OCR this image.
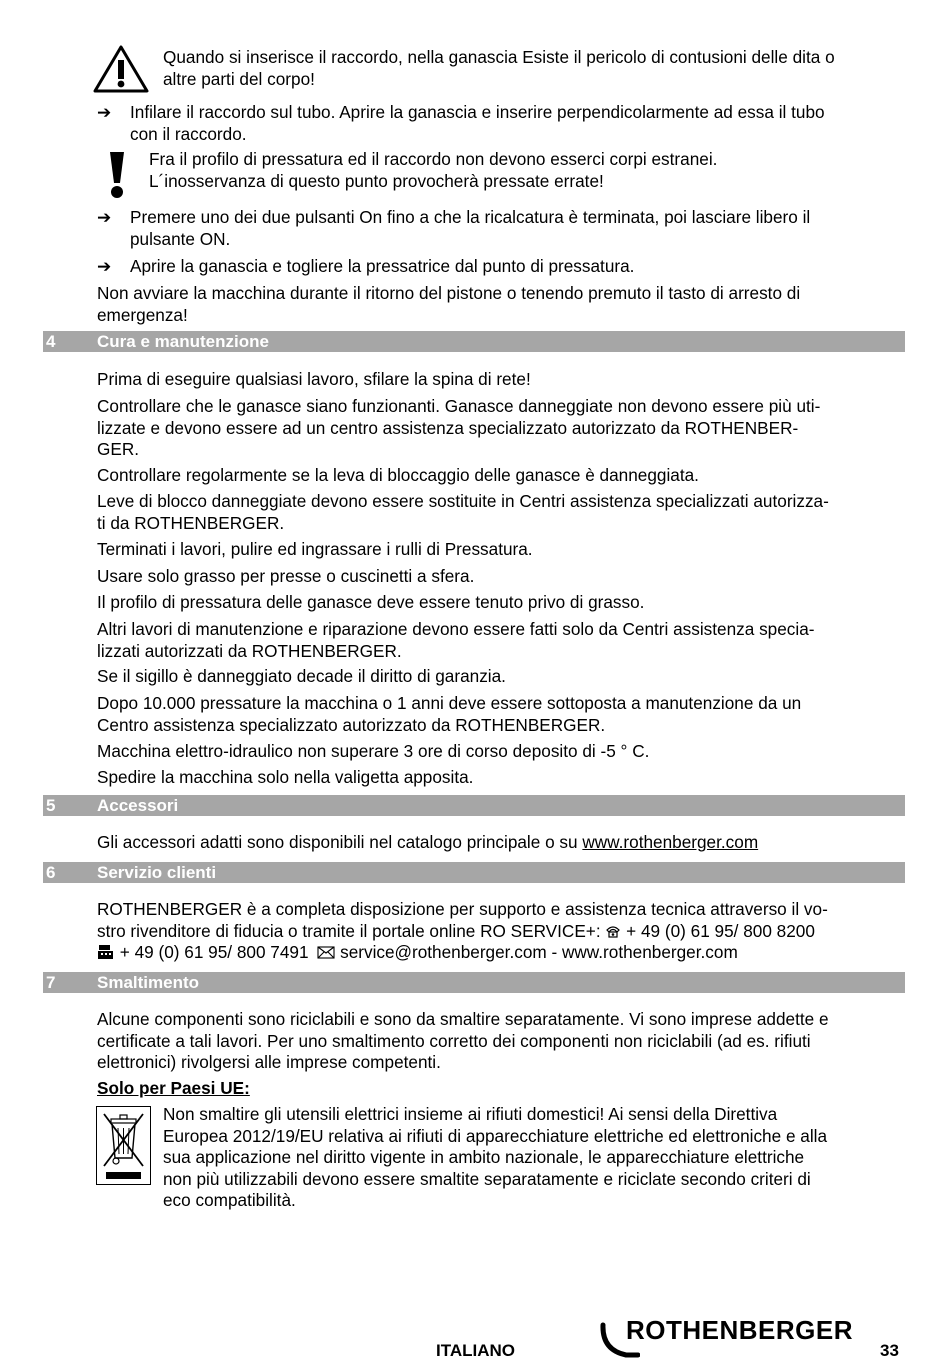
Quando si inserisce il raccordo, nella ganascia Esiste il pericolo di contusioni delle dita o
altre parti del corpo!
➔ Infilare il raccordo sul tubo. Aprire la ganascia e inserire perpendicolarmente ad essa il tubo
con il raccordo.
Fra il profilo di pressatura ed il raccordo non devono esserci corpi estranei.
L´inosservanza di questo punto provocherà pressate errate!
➔ Premere uno dei due pulsanti On fino a che la ricalcatura è terminata, poi lasciare libero il
pulsante ON.
➔ Aprire la ganascia e togliere la pressatrice dal punto di pressatura.
Non avviare la macchina durante il ritorno del pistone o tenendo premuto il tasto di arresto di
emergenza!
4 Cura e manutenzione
Prima di eseguire qualsiasi lavoro, sfilare la spina di rete!
Controllare che le ganasce siano funzionanti. Ganasce danneggiate non devono essere più uti-
lizzate e devono essere ad un centro assistenza specializzato autorizzato da ROTHENBER-
GER.
Controllare regolarmente se la leva di bloccaggio delle ganasce è danneggiata.
Leve di blocco danneggiate devono essere sostituite in Centri assistenza specializzati autorizza-
ti da ROTHENBERGER.
Terminati i lavori, pulire ed ingrassare i rulli di Pressatura.
Usare solo grasso per presse o cuscinetti a sfera.
Il profilo di pressatura delle ganasce deve essere tenuto privo di grasso.
Altri lavori di manutenzione e riparazione devono essere fatti solo da Centri assistenza specia-
lizzati autorizzati da ROTHENBERGER.
Se il sigillo è danneggiato decade il diritto di garanzia.
Dopo 10.000 pressature la macchina o 1 anni deve essere sottoposta a manutenzione da un
Centro assistenza specializzato autorizzato da ROTHENBERGER.
Macchina elettro-idraulico non superare 3 ore di corso deposito di -5 ° C.
Spedire la macchina solo nella valigetta apposita.
5 Accessori
Gli accessori adatti sono disponibili nel catalogo principale o su www.rothenberger.com
6 Servizio clienti
ROTHENBERGER è a completa disposizione per supporto e assistenza tecnica attraverso il vo-
stro rivenditore di fiducia o tramite il portale online RO SERVICE+:  + 49 (0) 61 95/ 800 8200
+ 49 (0) 61 95/ 800 7491 service@rothenberger.com - www.rothenberger.com
7 Smaltimento
Alcune componenti sono riciclabili e sono da smaltire separatamente. Vi sono imprese addette e
certificate a tali lavori. Per uno smaltimento corretto dei componenti non riciclabili (ad es. rifiuti
elettronici) rivolgersi alle imprese competenti.
Solo per Paesi UE:
Non smaltire gli utensili elettrici insieme ai rifiuti domestici! Ai sensi della Direttiva
Europea 2012/19/EU relativa ai rifiuti di apparecchiature elettriche ed elettroniche e alla
sua applicazione nel diritto vigente in ambito nazionale, le apparecchiature elettriche
non più utilizzabili devono essere smaltite separatamente e riciclate secondo criteri di
eco compatibilità.
ITALIANO
ROTHENBERGER
33
